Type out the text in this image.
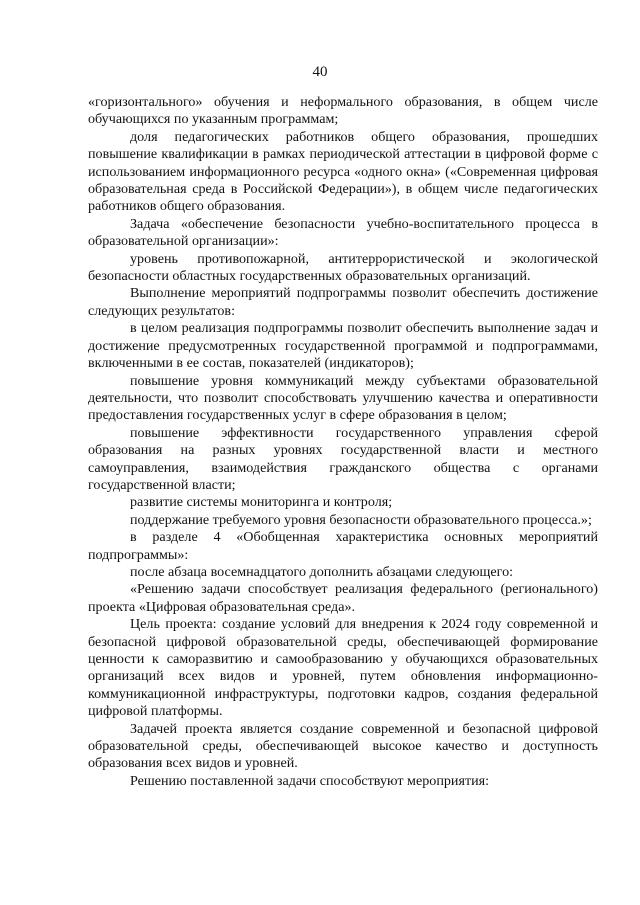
40

«горизонтального» обучения и неформального образования, в общем числе обучающихся по указанным программам;

доля педагогических работников общего образования, прошедших повышение квалификации в рамках периодической аттестации в цифровой форме с использованием информационного ресурса «одного окна» («Современная цифровая образовательная среда в Российской Федерации»), в общем числе педагогических работников общего образования.

Задача «обеспечение безопасности учебно-воспитательного процесса в образовательной организации»:

уровень противопожарной, антитеррористической и экологической безопасности областных государственных образовательных организаций.

Выполнение мероприятий подпрограммы позволит обеспечить достижение следующих результатов:

в целом реализация подпрограммы позволит обеспечить выполнение задач и достижение предусмотренных государственной программой и подпрограммами, включенными в ее состав, показателей (индикаторов);

повышение уровня коммуникаций между субъектами образовательной деятельности, что позволит способствовать улучшению качества и оперативности предоставления государственных услуг в сфере образования в целом;

повышение эффективности государственного управления сферой образования на разных уровнях государственной власти и местного самоуправления, взаимодействия гражданского общества с органами государственной власти;

развитие системы мониторинга и контроля;

поддержание требуемого уровня безопасности образовательного процесса.»;

в разделе 4 «Обобщенная характеристика основных мероприятий подпрограммы»:

после абзаца восемнадцатого дополнить абзацами следующего:

«Решению задачи способствует реализация федерального (регионального) проекта «Цифровая образовательная среда».

Цель проекта: создание условий для внедрения к 2024 году современной и безопасной цифровой образовательной среды, обеспечивающей формирование ценности к саморазвитию и самообразованию у обучающихся образовательных организаций всех видов и уровней, путем обновления информационно-коммуникационной инфраструктуры, подготовки кадров, создания федеральной цифровой платформы.

Задачей проекта является создание современной и безопасной цифровой образовательной среды, обеспечивающей высокое качество и доступность образования всех видов и уровней.

Решению поставленной задачи способствуют мероприятия:
